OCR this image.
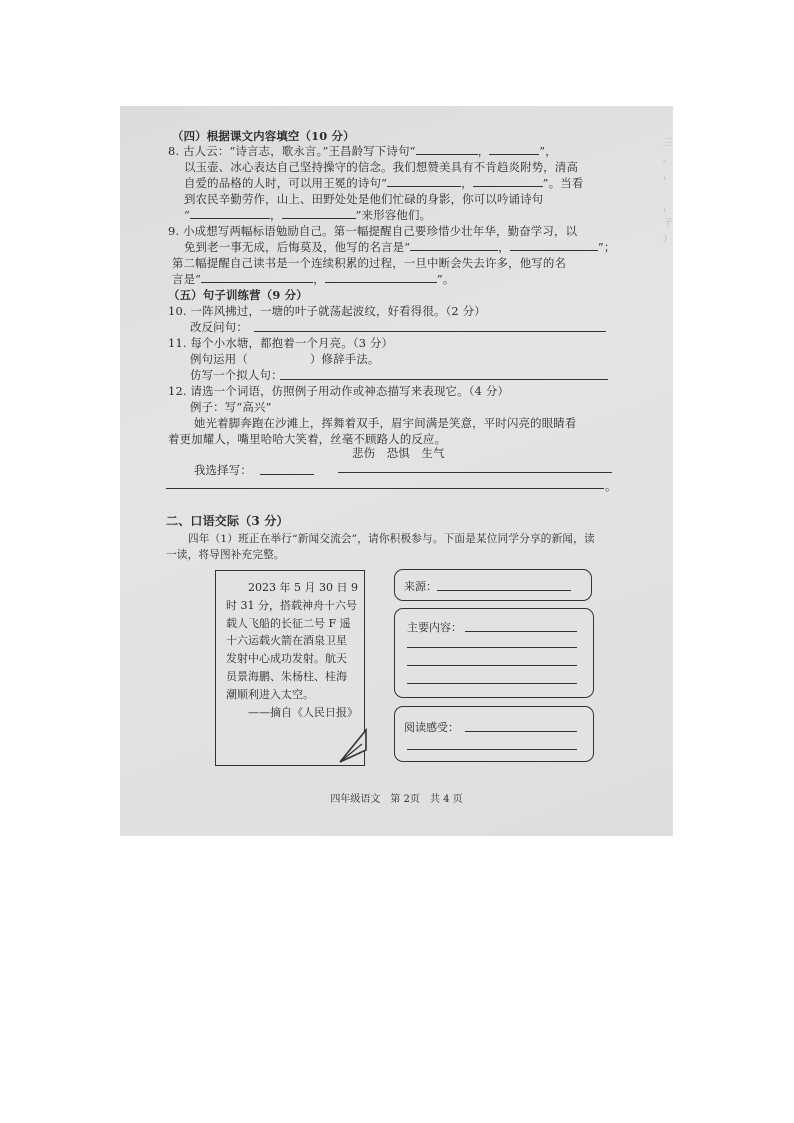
三
。
，

，
子
）
（四）根据课文内容填空（10 分）
8. 古人云：“诗言志，歌永言。”王昌龄写下诗句“	，	”，
以玉壶、冰心表达自己坚持操守的信念。我们想赞美具有不肯趋炎附势，清高
自爱的品格的人时，可以用王冕的诗句“	，	”。当看
到农民辛勤劳作，山上、田野处处是他们忙碌的身影，你可以吟诵诗句
“	，	”来形容他们。
9. 小成想写两幅标语勉励自己。第一幅提醒自己要珍惜少壮年华，勤奋学习，以
免到老一事无成，后悔莫及，他写的名言是“	，	”；
第二幅提醒自己读书是一个连续积累的过程，一旦中断会失去许多，他写的名
言是“	，	”。
（五）句子训练营（9 分）
10. 一阵风拂过，一塘的叶子就荡起波纹，好看得很。（2 分）
改反问句：
11. 每个小水塘，都抱着一个月亮。（3 分）
例句运用（	）修辞手法。
仿写一个拟人句：
12. 请选一个词语，仿照例子用动作或神态描写来表现它。（4 分）
例子：写“高兴”
她光着脚奔跑在沙滩上，挥舞着双手，眉宇间满是笑意，平时闪亮的眼睛看
着更加耀人，嘴里哈哈大笑着，丝毫不顾路人的反应。
悲伤　恐惧　生气
我选择写：
。
二、口语交际（3 分）
四年（1）班正在举行“新闻交流会”，请你积极参与。下面是某位同学分享的新闻，读
一读，将导图补充完整。
2023 年 5 月 30 日 9
时 31 分，搭载神舟十六号
载人飞船的长征二号 F 遥
十六运载火箭在酒泉卫星
发射中心成功发射。航天
员景海鹏、朱杨柱、桂海
潮顺利进入太空。
——摘自《人民日报》
来源：
主要内容：
阅读感受：
四年级语文　第 2页　共 4 页
